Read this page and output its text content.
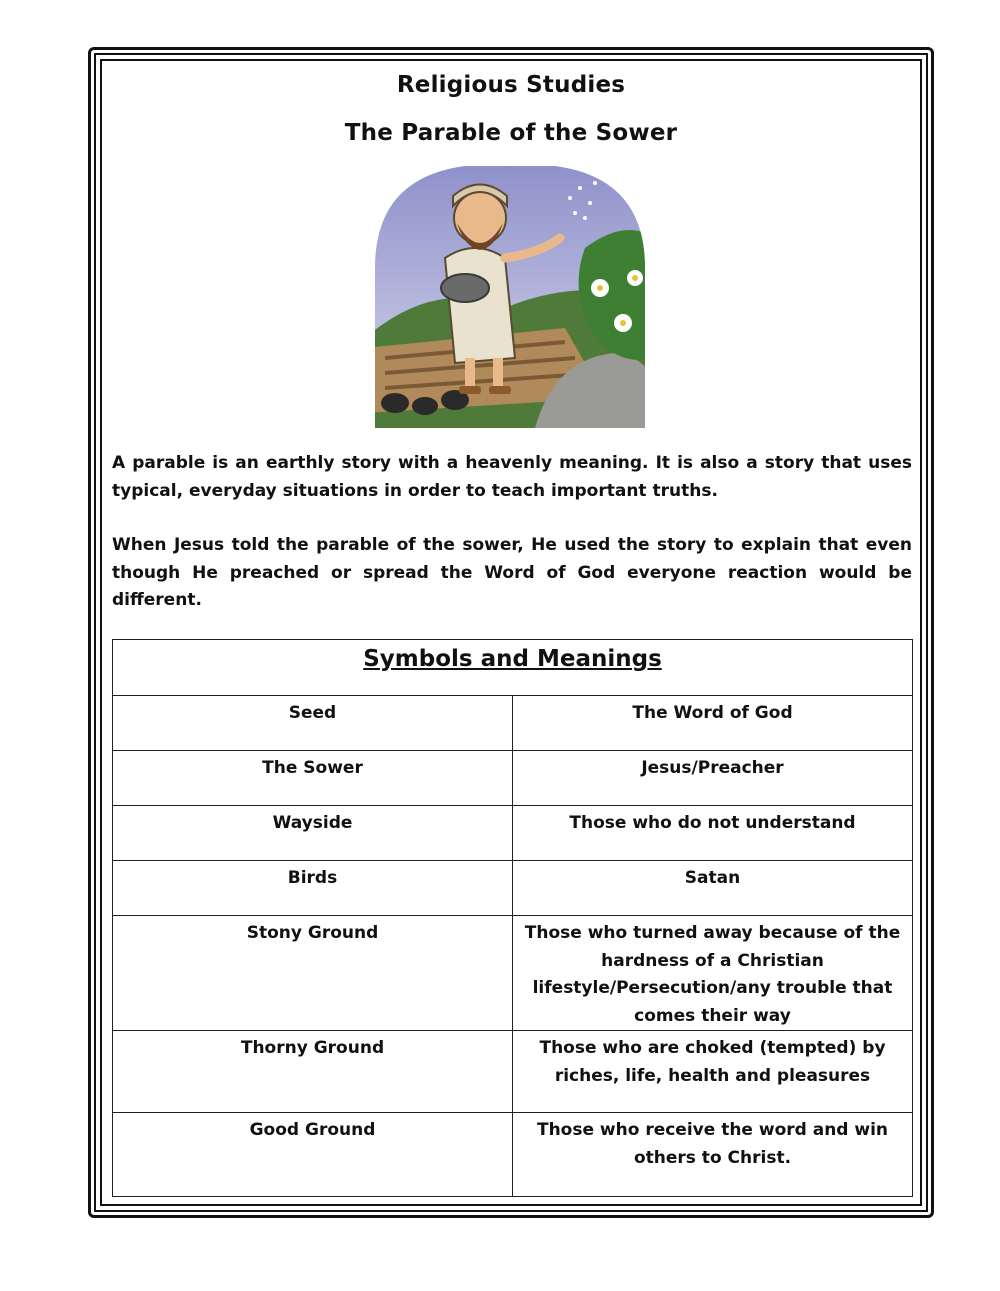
Religious Studies
The Parable of the Sower
A parable is an earthly story with a heavenly meaning. It is also a story that uses typical, everyday situations in order to teach important truths.
When Jesus told the parable of the sower, He used the story to explain that even though He preached or spread the Word of God everyone reaction would be different.
Symbols and Meanings	
Seed	The Word of God
The Sower	Jesus/Preacher
Wayside	Those who do not understand
Birds	Satan
Stony Ground	Those who turned away because of the hardness of a Christian lifestyle/Persecution/any trouble that comes their way
Thorny Ground	Those who are choked (tempted) by riches, life, health and pleasures
Good Ground	Those who receive the word and win others to Christ.
